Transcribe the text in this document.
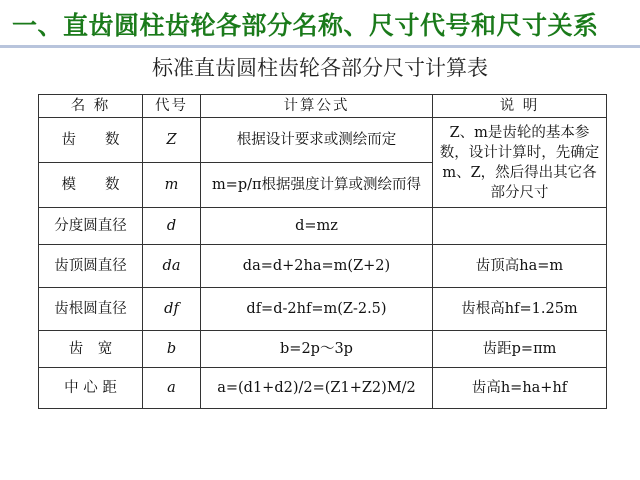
一、直齿圆柱齿轮各部分名称、尺寸代号和尺寸关系
标准直齿圆柱齿轮各部分尺寸计算表
名 称	代号	计算公式	说 明
齿　　数	Z	根据设计要求或测绘而定	Z、m是齿轮的基本参数，设计计算时，先确定m、Z，然后得出其它各部分尺寸
模　　数	m	m=p/π根据强度计算或测绘而得	
分度圆直径	d	d=mz	
齿顶圆直径	da	da=d+2ha=m(Z+2)	齿顶高ha=m
齿根圆直径	df	df=d-2hf=m(Z-2.5)	齿根高hf=1.25m
齿　宽	b	b=2p～3p	齿距p=πm
中 心 距	a	a=(d1+d2)/2=(Z1+Z2)M/2	齿高h=ha+hf
